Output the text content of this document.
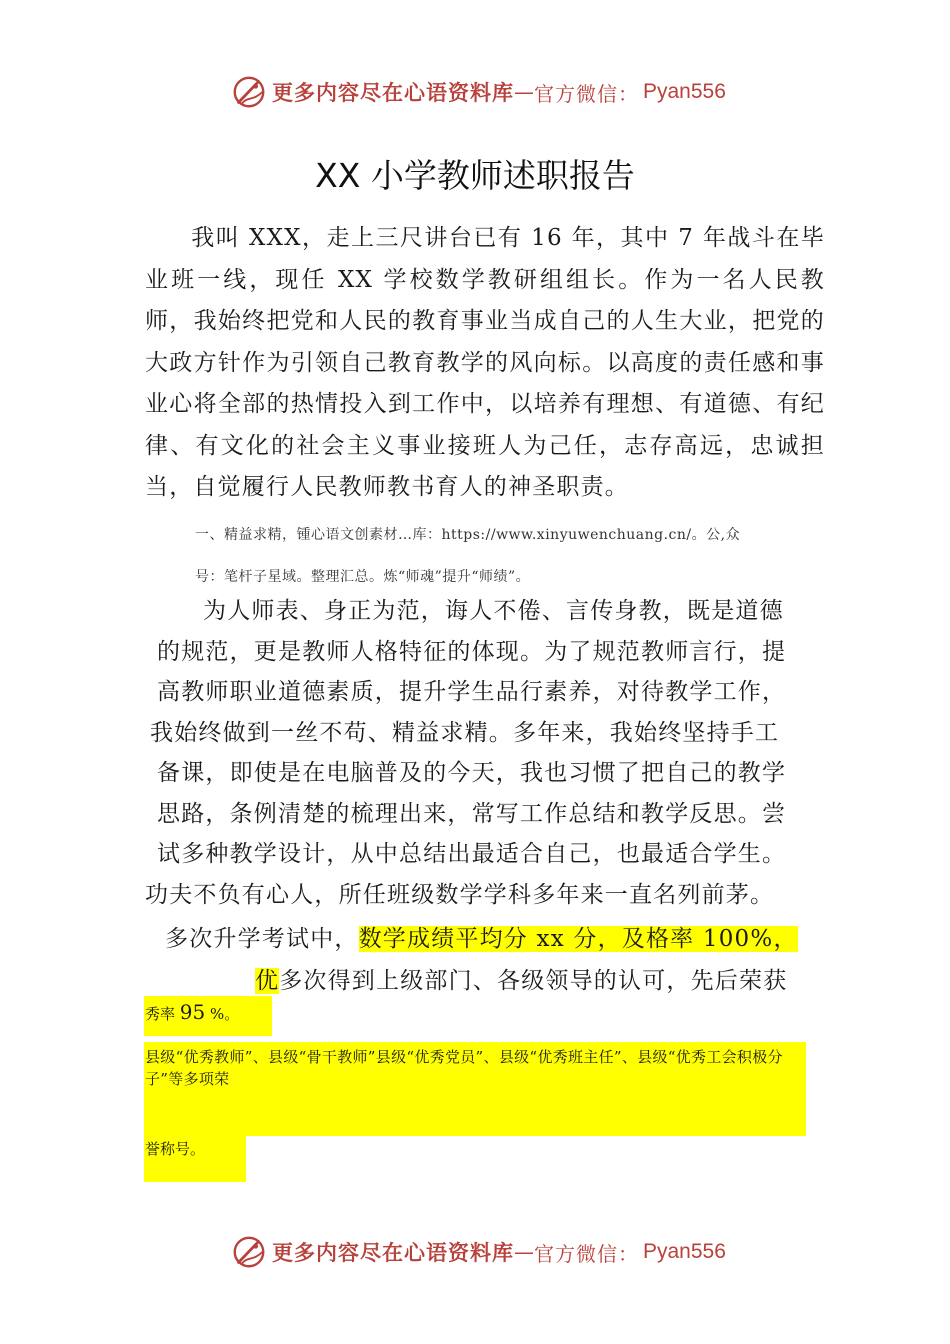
更多内容尽在心语资料库 — 官方微信： Pyan556
XX 小学教师述职报告
我叫 XXX，走上三尺讲台已有 16 年，其中 7 年战斗在毕业班一线，现任 XX 学校数学教研组组长。作为一名人民教师，我始终把党和人民的教育事业当成自己的人生大业，把党的大政方针作为引领自己教育教学的风向标。以高度的责任感和事业心将全部的热情投入到工作中，以培养有理想、有道德、有纪律、有文化的社会主义事业接班人为己任，志存高远，忠诚担当，自觉履行人民教师教书育人的神圣职责。
一、精益求精，锺心语文创素材…库：https://www.xinyuwenchuang.cn/。公,众
号：笔杆子星域。整理汇总。炼“师魂”提升“师绩”。
为人师表、身正为范，诲人不倦、言传身教，既是道德
的规范，更是教师人格特征的体现。为了规范教师言行，提
高教师职业道德素质，提升学生品行素养，对待教学工作，
我始终做到一丝不苟、精益求精。多年来，我始终坚持手工
备课，即使是在电脑普及的今天，我也习惯了把自己的教学
思路，条例清楚的梳理出来，常写工作总结和教学反思。尝
试多种教学设计，从中总结出最适合自己，也最适合学生。
功夫不负有心人，所任班级数学学科多年来一直名列前茅。
多次升学考试中，数学成绩平均分 xx 分，及格率 100%，
优多次得到上级部门、各级领导的认可，先后荣获
秀率 95 %。
县级“优秀教师”、县级“骨干教师”县级“优秀党员”、县级“优秀班主任”、县级“优秀工会积极分子”等多项荣
誉称号。
更多内容尽在心语资料库 — 官方微信： Pyan556
